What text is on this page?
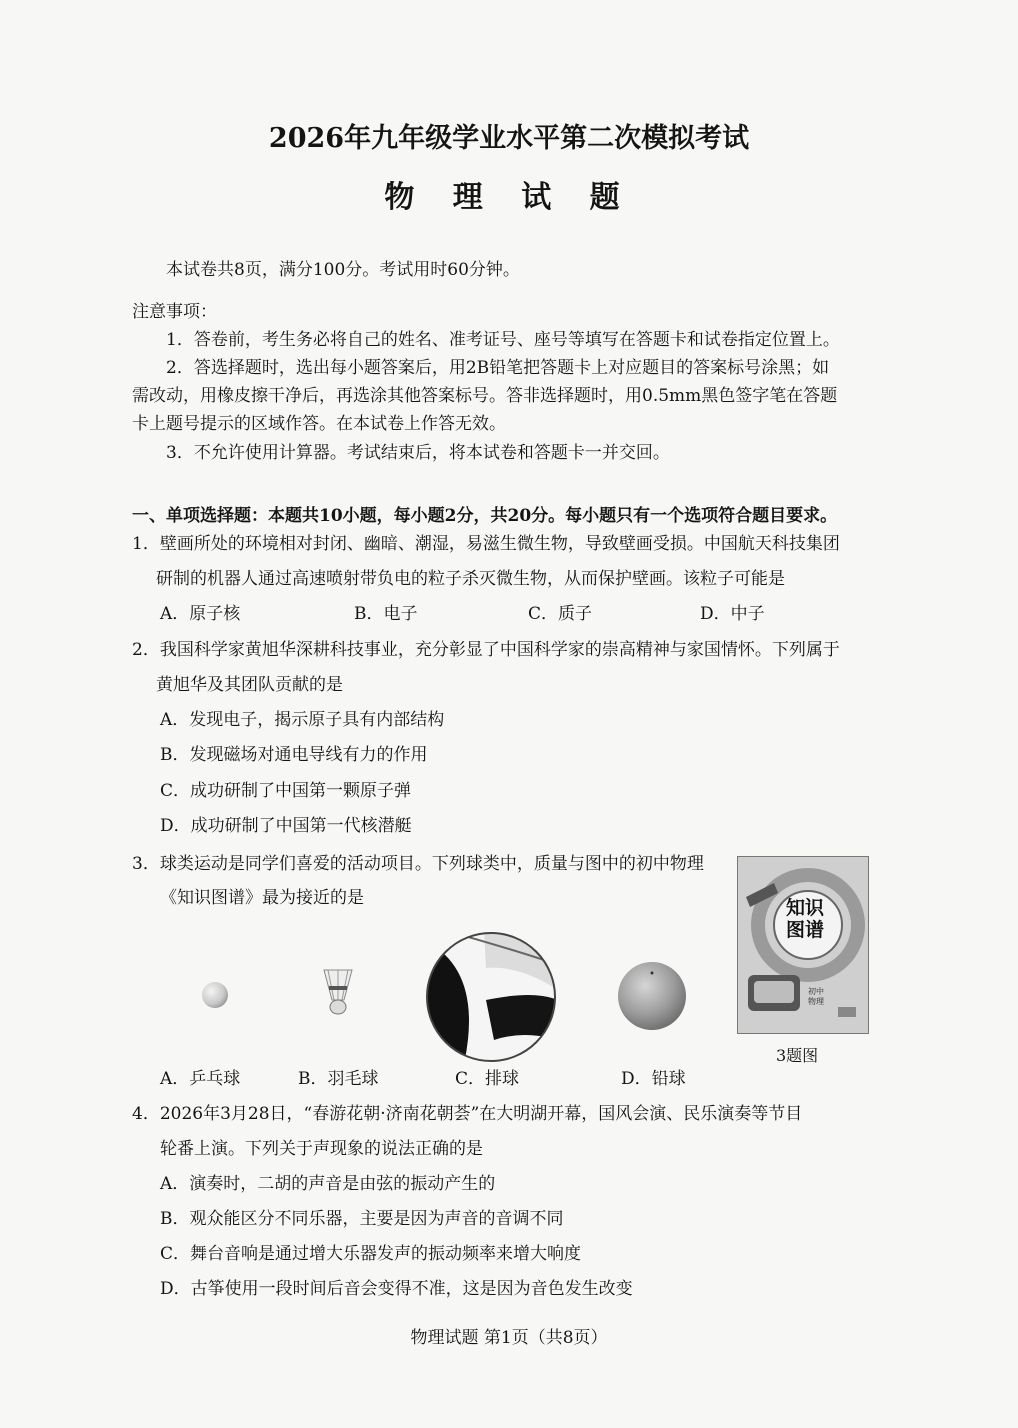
2026年九年级学业水平第二次模拟考试
物 理 试 题
本试卷共8页，满分100分。考试用时60分钟。
注意事项：
1．答卷前，考生务必将自己的姓名、准考证号、座号等填写在答题卡和试卷指定位置上。
2．答选择题时，选出每小题答案后，用2B铅笔把答题卡上对应题目的答案标号涂黑；如
需改动，用橡皮擦干净后，再选涂其他答案标号。答非选择题时，用0.5mm黑色签字笔在答题
卡上题号提示的区域作答。在本试卷上作答无效。
3．不允许使用计算器。考试结束后，将本试卷和答题卡一并交回。
一、单项选择题：本题共10小题，每小题2分，共20分。每小题只有一个选项符合题目要求。
1．壁画所处的环境相对封闭、幽暗、潮湿，易滋生微生物，导致壁画受损。中国航天科技集团
研制的机器人通过高速喷射带负电的粒子杀灭微生物，从而保护壁画。该粒子可能是
A．原子核	B．电子	C．质子	D．中子
2．我国科学家黄旭华深耕科技事业，充分彰显了中国科学家的崇高精神与家国情怀。下列属于
黄旭华及其团队贡献的是
A．发现电子，揭示原子具有内部结构
B．发现磁场对通电导线有力的作用
C．成功研制了中国第一颗原子弹
D．成功研制了中国第一代核潜艇
3．球类运动是同学们喜爱的活动项目。下列球类中，质量与图中的初中物理
《知识图谱》最为接近的是	知识
图谱
初中
物理
3题图
A．乒乓球	B．羽毛球	C．排球	D．铅球
4．2026年3月28日，“春游花朝·济南花朝荟”在大明湖开幕，国风会演、民乐演奏等节目
轮番上演。下列关于声现象的说法正确的是
A．演奏时，二胡的声音是由弦的振动产生的
B．观众能区分不同乐器，主要是因为声音的音调不同
C．舞台音响是通过增大乐器发声的振动频率来增大响度
D．古筝使用一段时间后音会变得不准，这是因为音色发生改变
物理试题 第1页（共8页）
